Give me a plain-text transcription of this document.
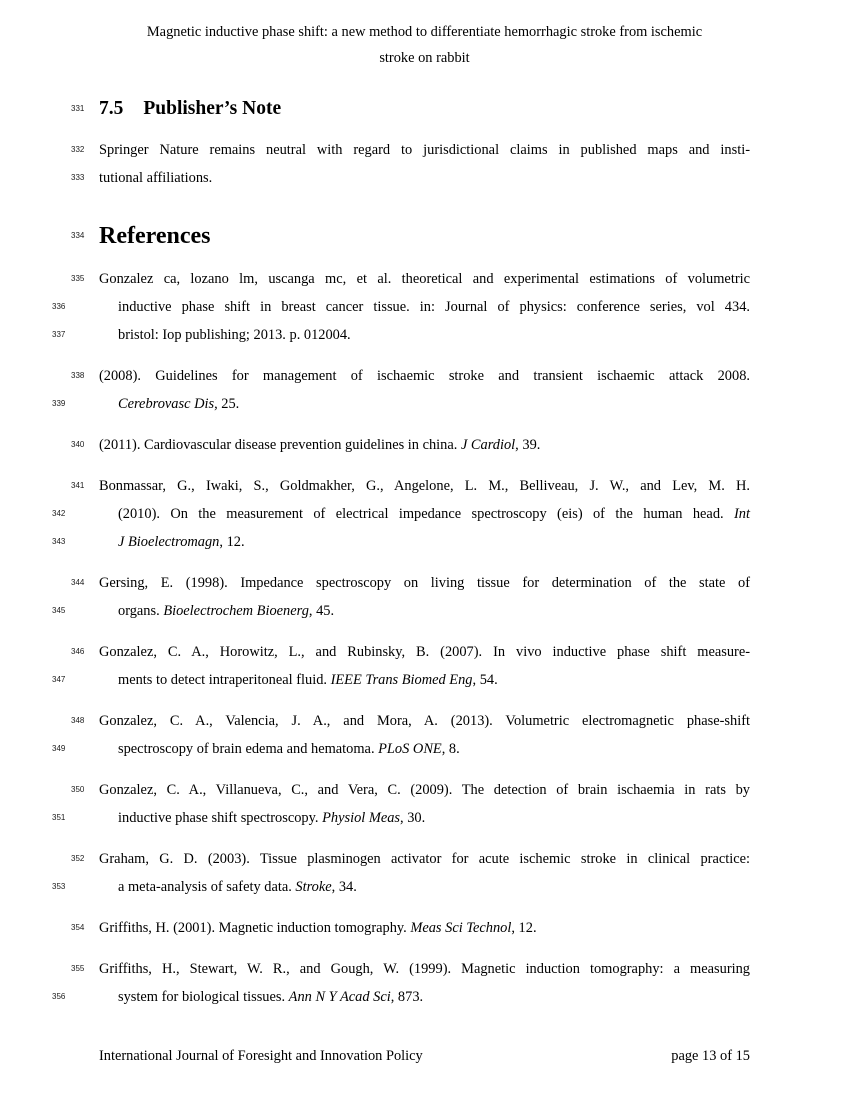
Magnetic inductive phase shift: a new method to differentiate hemorrhagic stroke from ischemic
stroke on rabbit
331 7.5 Publisher’s Note
332	Springer Nature remains neutral with regard to jurisdictional claims in published maps and insti-
333	tutional affiliations.
334 References
335	Gonzalez ca, lozano lm, uscanga mc, et al. theoretical and experimental estimations of volumetric
336	inductive phase shift in breast cancer tissue. in: Journal of physics: conference series, vol 434.
337	bristol: Iop publishing; 2013. p. 012004.
338	(2008). Guidelines for management of ischaemic stroke and transient ischaemic attack 2008.
339	Cerebrovasc Dis, 25.
340	(2011). Cardiovascular disease prevention guidelines in china. J Cardiol, 39.
341	Bonmassar, G., Iwaki, S., Goldmakher, G., Angelone, L. M., Belliveau, J. W., and Lev, M. H.
342	(2010). On the measurement of electrical impedance spectroscopy (eis) of the human head. Int
343	J Bioelectromagn, 12.
344	Gersing, E. (1998). Impedance spectroscopy on living tissue for determination of the state of
345	organs. Bioelectrochem Bioenerg, 45.
346	Gonzalez, C. A., Horowitz, L., and Rubinsky, B. (2007). In vivo inductive phase shift measure-
347	ments to detect intraperitoneal fluid. IEEE Trans Biomed Eng, 54.
348	Gonzalez, C. A., Valencia, J. A., and Mora, A. (2013). Volumetric electromagnetic phase-shift
349	spectroscopy of brain edema and hematoma. PLoS ONE, 8.
350	Gonzalez, C. A., Villanueva, C., and Vera, C. (2009). The detection of brain ischaemia in rats by
351	inductive phase shift spectroscopy. Physiol Meas, 30.
352	Graham, G. D. (2003). Tissue plasminogen activator for acute ischemic stroke in clinical practice:
353	a meta-analysis of safety data. Stroke, 34.
354	Griffiths, H. (2001). Magnetic induction tomography. Meas Sci Technol, 12.
355	Griffiths, H., Stewart, W. R., and Gough, W. (1999). Magnetic induction tomography: a measuring
356	system for biological tissues. Ann N Y Acad Sci, 873.
International Journal of Foresight and Innovation Policy	page 13 of 15
